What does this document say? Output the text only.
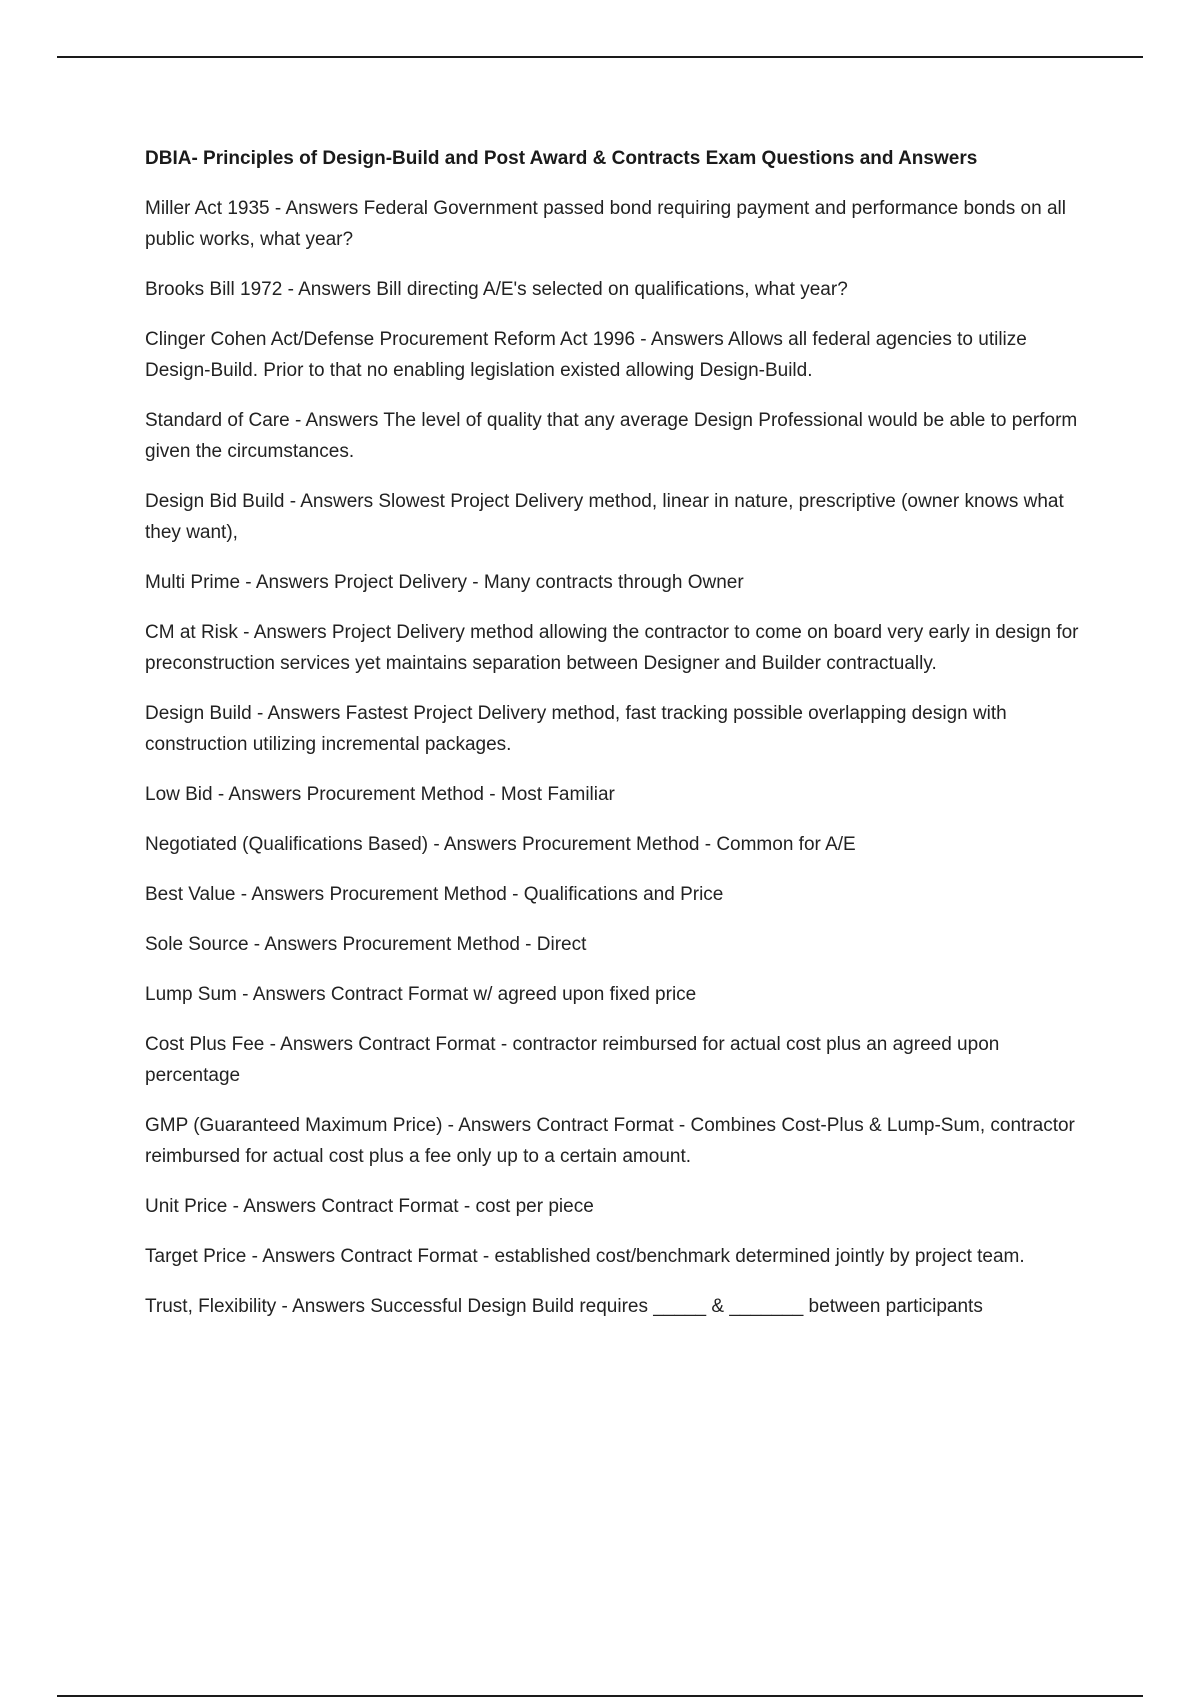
DBIA- Principles of Design-Build and Post Award & Contracts Exam Questions and Answers

Miller Act 1935 - Answers Federal Government passed bond requiring payment and performance bonds on all public works, what year?

Brooks Bill 1972 - Answers Bill directing A/E's selected on qualifications, what year?

Clinger Cohen Act/Defense Procurement Reform Act 1996 - Answers Allows all federal agencies to utilize Design-Build. Prior to that no enabling legislation existed allowing Design-Build.

Standard of Care - Answers The level of quality that any average Design Professional would be able to perform given the circumstances.

Design Bid Build - Answers Slowest Project Delivery method, linear in nature, prescriptive (owner knows what they want),

Multi Prime - Answers Project Delivery - Many contracts through Owner

CM at Risk - Answers Project Delivery method allowing the contractor to come on board very early in design for preconstruction services yet maintains separation between Designer and Builder contractually.

Design Build - Answers Fastest Project Delivery method, fast tracking possible overlapping design with construction utilizing incremental packages.

Low Bid - Answers Procurement Method - Most Familiar

Negotiated (Qualifications Based) - Answers Procurement Method - Common for A/E

Best Value - Answers Procurement Method - Qualifications and Price

Sole Source - Answers Procurement Method - Direct

Lump Sum - Answers Contract Format w/ agreed upon fixed price

Cost Plus Fee - Answers Contract Format - contractor reimbursed for actual cost plus an agreed upon percentage

GMP (Guaranteed Maximum Price) - Answers Contract Format - Combines Cost-Plus & Lump-Sum, contractor reimbursed for actual cost plus a fee only up to a certain amount.

Unit Price - Answers Contract Format - cost per piece

Target Price - Answers Contract Format - established cost/benchmark determined jointly by project team.

Trust, Flexibility - Answers Successful Design Build requires _____ & _______ between participants
